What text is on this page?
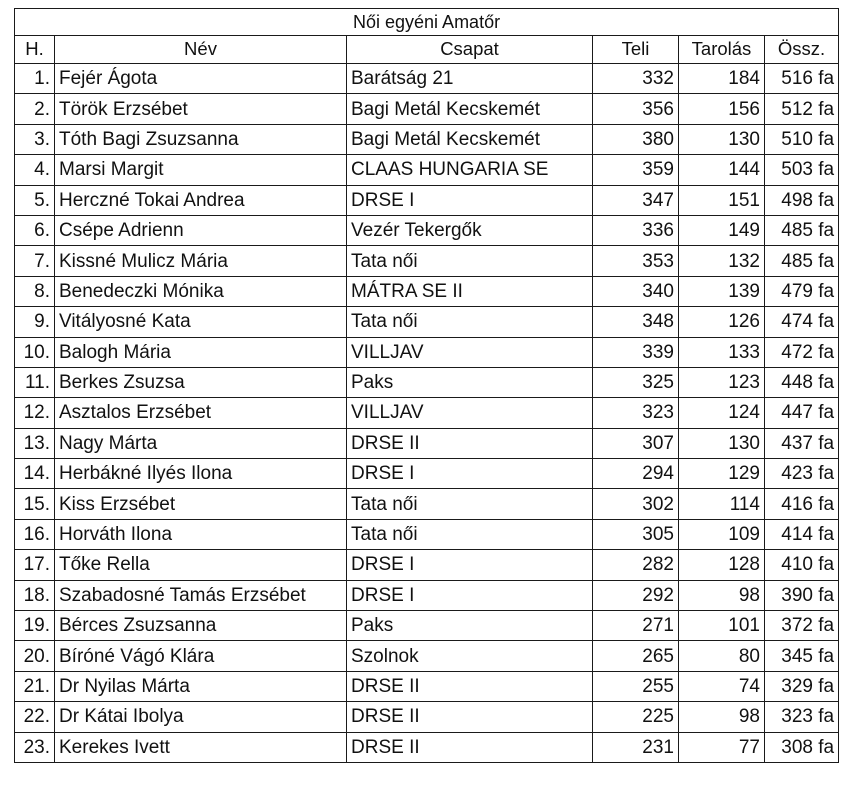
Női egyéni Amatőr					
H.	Név	Csapat	Teli	Tarolás	Össz.
1.	Fejér Ágota	Barátság 21	332	184	516 fa
2.	Török Erzsébet	Bagi Metál Kecskemét	356	156	512 fa
3.	Tóth Bagi Zsuzsanna	Bagi Metál Kecskemét	380	130	510 fa
4.	Marsi Margit	CLAAS HUNGARIA SE	359	144	503 fa
5.	Herczné Tokai Andrea	DRSE I	347	151	498 fa
6.	Csépe Adrienn	Vezér Tekergők	336	149	485 fa
7.	Kissné Mulicz Mária	Tata női	353	132	485 fa
8.	Benedeczki Mónika	MÁTRA SE II	340	139	479 fa
9.	Vitályosné Kata	Tata női	348	126	474 fa
10.	Balogh Mária	VILLJAV	339	133	472 fa
11.	Berkes Zsuzsa	Paks	325	123	448 fa
12.	Asztalos Erzsébet	VILLJAV	323	124	447 fa
13.	Nagy Márta	DRSE II	307	130	437 fa
14.	Herbákné Ilyés Ilona	DRSE I	294	129	423 fa
15.	Kiss Erzsébet	Tata női	302	114	416 fa
16.	Horváth Ilona	Tata női	305	109	414 fa
17.	Tőke Rella	DRSE I	282	128	410 fa
18.	Szabadosné Tamás Erzsébet	DRSE I	292	98	390 fa
19.	Bérces Zsuzsanna	Paks	271	101	372 fa
20.	Bíróné Vágó Klára	Szolnok	265	80	345 fa
21.	Dr Nyilas Márta	DRSE II	255	74	329 fa
22.	Dr Kátai Ibolya	DRSE II	225	98	323 fa
23.	Kerekes Ivett	DRSE II	231	77	308 fa
